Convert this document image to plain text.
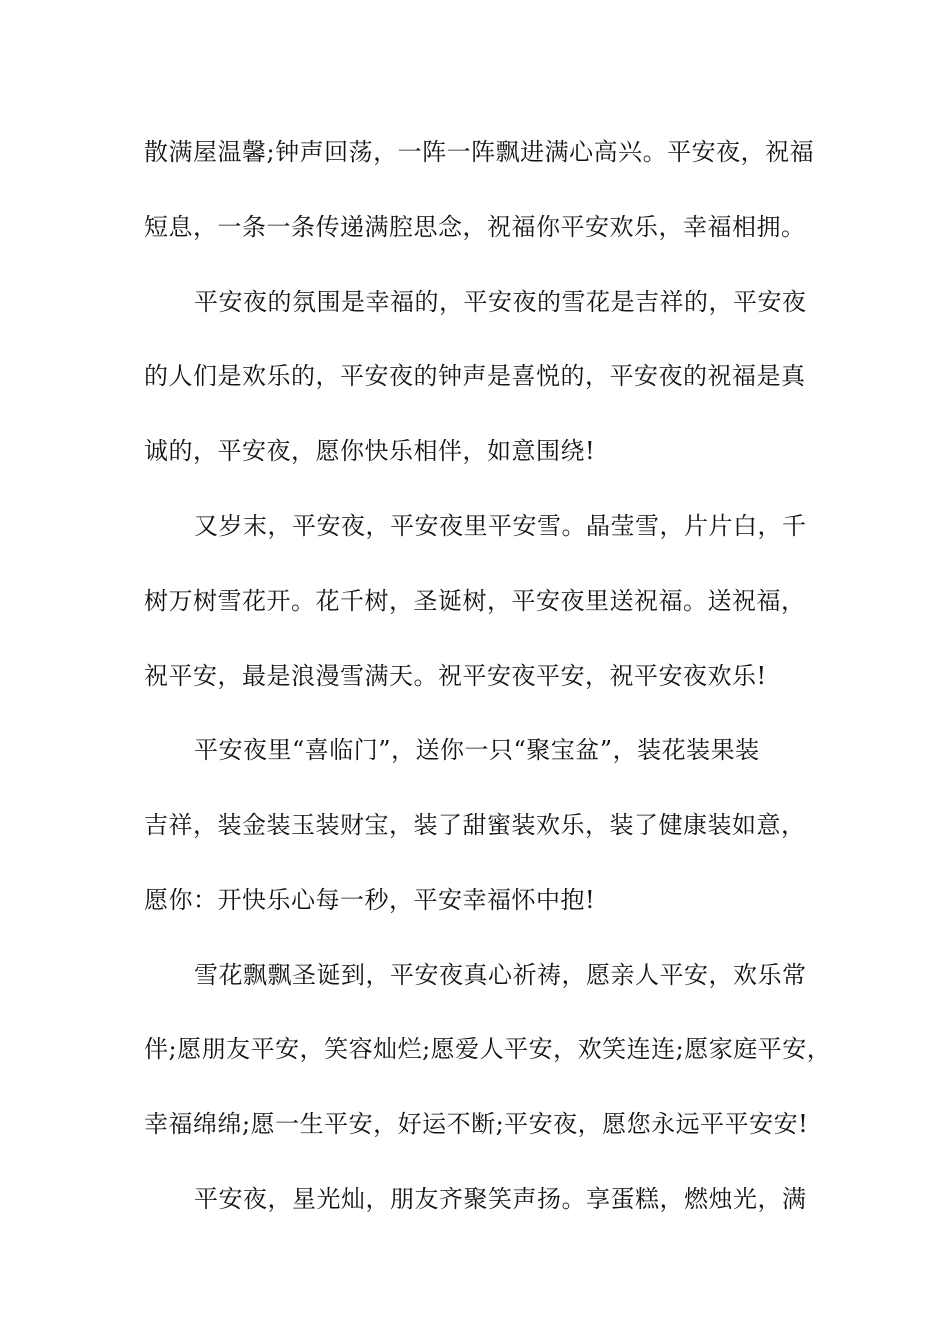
散满屋温馨;钟声回荡，一阵一阵飘进满心高兴。平安夜，祝福
短息，一条一条传递满腔思念，祝福你平安欢乐，幸福相拥。
平安夜的氛围是幸福的，平安夜的雪花是吉祥的，平安夜
的人们是欢乐的，平安夜的钟声是喜悦的，平安夜的祝福是真
诚的，平安夜，愿你快乐相伴，如意围绕!
又岁末，平安夜，平安夜里平安雪。晶莹雪，片片白，千
树万树雪花开。花千树，圣诞树，平安夜里送祝福。送祝福，
祝平安，最是浪漫雪满天。祝平安夜平安，祝平安夜欢乐!
平安夜里“喜临门”，送你一只“聚宝盆”，装花装果装
吉祥，装金装玉装财宝，装了甜蜜装欢乐，装了健康装如意，
愿你：开快乐心每一秒，平安幸福怀中抱!
雪花飘飘圣诞到，平安夜真心祈祷，愿亲人平安，欢乐常
伴;愿朋友平安，笑容灿烂;愿爱人平安，欢笑连连;愿家庭平安，
幸福绵绵;愿一生平安，好运不断;平安夜，愿您永远平平安安!
平安夜，星光灿，朋友齐聚笑声扬。享蛋糕，燃烛光，满
